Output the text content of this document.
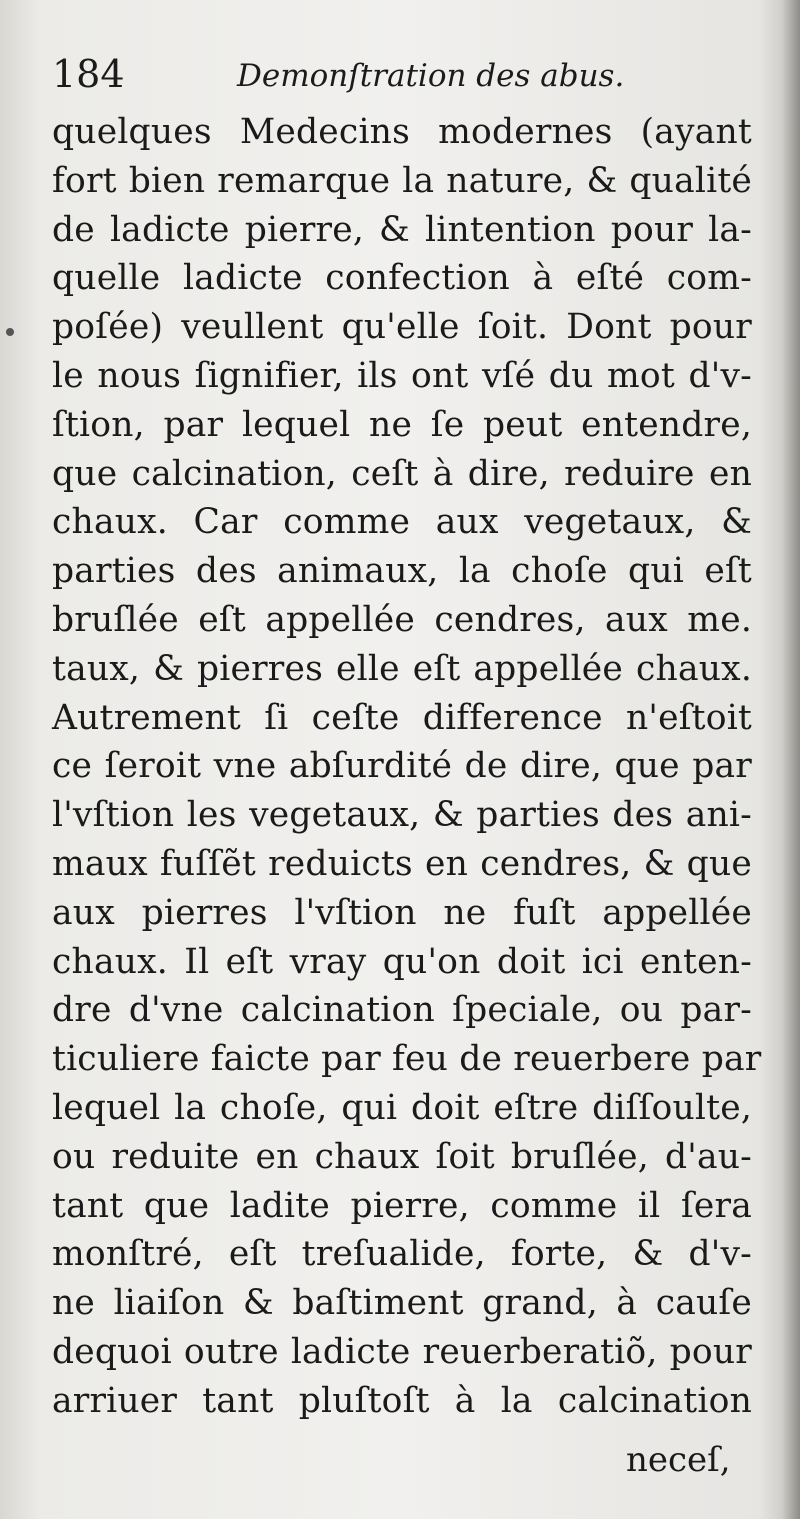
184	Demonſtration des abus.
quelques Medecins modernes (ayant
fort bien remarque la nature, & qualité
de ladicte pierre, & lintention pour la-
quelle ladicte confection à eſté com-
poſée) veullent qu'elle ſoit. Dont pour
le nous ſignifier, ils ont vſé du mot d'v-
ſtion, par lequel ne ſe peut entendre,
que calcination, ceſt à dire, reduire en
chaux. Car comme aux vegetaux, &
parties des animaux, la choſe qui eſt
bruſlée eſt appellée cendres, aux me.
taux, & pierres elle eſt appellée chaux.
Autrement ſi ceſte difference n'eſtoit
ce ſeroit vne abſurdité de dire, que par
l'vſtion les vegetaux, & parties des ani-
maux fuſſẽt reduicts en cendres, & que
aux pierres l'vſtion ne fuſt appellée
chaux. Il eſt vray qu'on doit ici enten-
dre d'vne calcination ſpeciale, ou par-
ticuliere faicte par feu de reuerbere par
lequel la choſe, qui doit eſtre diſſoulte,
ou reduite en chaux ſoit bruſlée, d'au-
tant que ladite pierre, comme il ſera
monſtré, eſt treſualide, forte, & d'v-
ne liaiſon & baſtiment grand, à cauſe
dequoi outre ladicte reuerberatiõ, pour
arriuer tant pluſtoſt à la calcination
neceſ,
